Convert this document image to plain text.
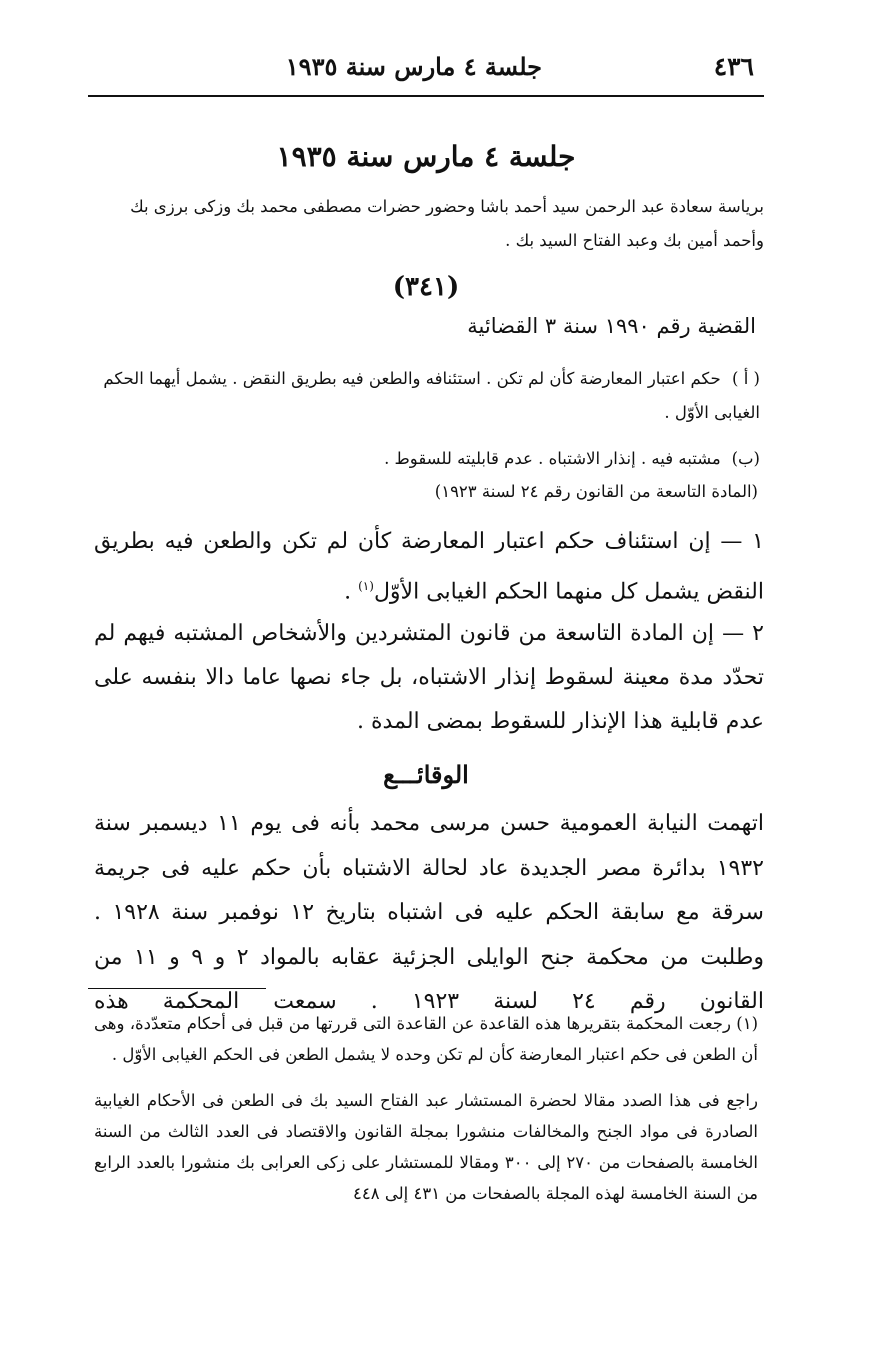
٤٣٦
جلسة ٤ مارس سنة ١٩٣٥
جلسة ٤ مارس سنة ١٩٣٥
برياسة سعادة عبد الرحمن سيد أحمد باشا وحضور حضرات مصطفى محمد بك وزكى برزى بك وأحمد أمين بك وعبد الفتاح السيد بك .
(٣٤١)
القضية رقم ١٩٩٠ سنة ٣ القضائية
( أ ) حكم اعتبار المعارضة كأن لم تكن . استئنافه والطعن فيه بطريق النقض . يشمل أيهما الحكم الغيابى الأوّل .
(ب) مشتبه فيه . إنذار الاشتباه . عدم قابليته للسقوط .
(المادة التاسعة من القانون رقم ٢٤ لسنة ١٩٢٣)
١ — إن استئناف حكم اعتبار المعارضة كأن لم تكن والطعن فيه بطريق النقض يشمل كل منهما الحكم الغيابى الأوّل$^{(١)}$ .
٢ — إن المادة التاسعة من قانون المتشردين والأشخاص المشتبه فيهم لم تحدّد مدة معينة لسقوط إنذار الاشتباه، بل جاء نصها عاما دالا بنفسه على عدم قابلية هذا الإنذار للسقوط بمضى المدة .
الوقائـــع
اتهمت النيابة العمومية حسن مرسى محمد بأنه فى يوم ١١ ديسمبر سنة ١٩٣٢ بدائرة مصر الجديدة عاد لحالة الاشتباه بأن حكم عليه فى جريمة سرقة مع سابقة الحكم عليه فى اشتباه بتاريخ ١٢ نوفمبر سنة ١٩٢٨ . وطلبت من محكمة جنح الوايلى الجزئية عقابه بالمواد ٢ و ٩ و ١١ من القانون رقم ٢٤ لسنة ١٩٢٣ . سمعت المحكمة هذه
(١) رجعت المحكمة بتقريرها هذه القاعدة عن القاعدة التى قررتها من قبل فى أحكام متعدّدة، وهى أن الطعن فى حكم اعتبار المعارضة كأن لم تكن وحده لا يشمل الطعن فى الحكم الغيابى الأوّل .
راجع فى هذا الصدد مقالا لحضرة المستشار عبد الفتاح السيد بك فى الطعن فى الأحكام الغيابية الصادرة فى مواد الجنح والمخالفات منشورا بمجلة القانون والاقتصاد فى العدد الثالث من السنة الخامسة بالصفحات من ٢٧٠ إلى ٣٠٠ ومقالا للمستشار على زكى العرابى بك منشورا بالعدد الرابع من السنة الخامسة لهذه المجلة بالصفحات من ٤٣١ إلى ٤٤٨
